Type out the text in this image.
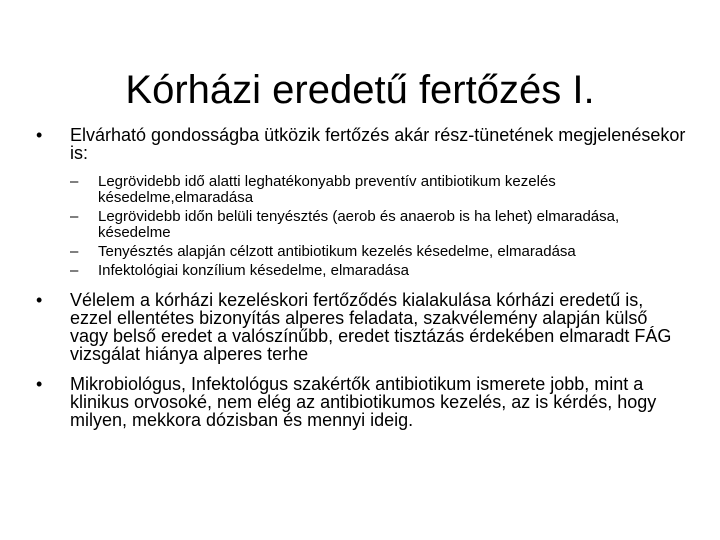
Kórházi eredetű fertőzés I.
•	Elvárható gondosságba ütközik fertőzés akár rész-tünetének megjelenésekor is:
–	Legrövidebb idő alatti leghatékonyabb preventív antibiotikum kezelés késedelme,elmaradása
–	Legrövidebb időn belüli tenyésztés (aerob és anaerob is ha lehet) elmaradása, késedelme
–	Tenyésztés alapján célzott antibiotikum kezelés késedelme, elmaradása
–	Infektológiai konzílium késedelme, elmaradása
•	Vélelem a kórházi kezeléskori fertőződés kialakulása kórházi eredetű is, ezzel ellentétes bizonyítás alperes feladata, szakvélemény alapján külső vagy belső eredet a valószínűbb, eredet tisztázás érdekében elmaradt FÁG vizsgálat hiánya alperes terhe
•	Mikrobiológus, Infektológus szakértők antibiotikum ismerete jobb, mint a klinikus orvosoké, nem elég az antibiotikumos kezelés, az is kérdés, hogy milyen, mekkora dózisban és mennyi ideig.
